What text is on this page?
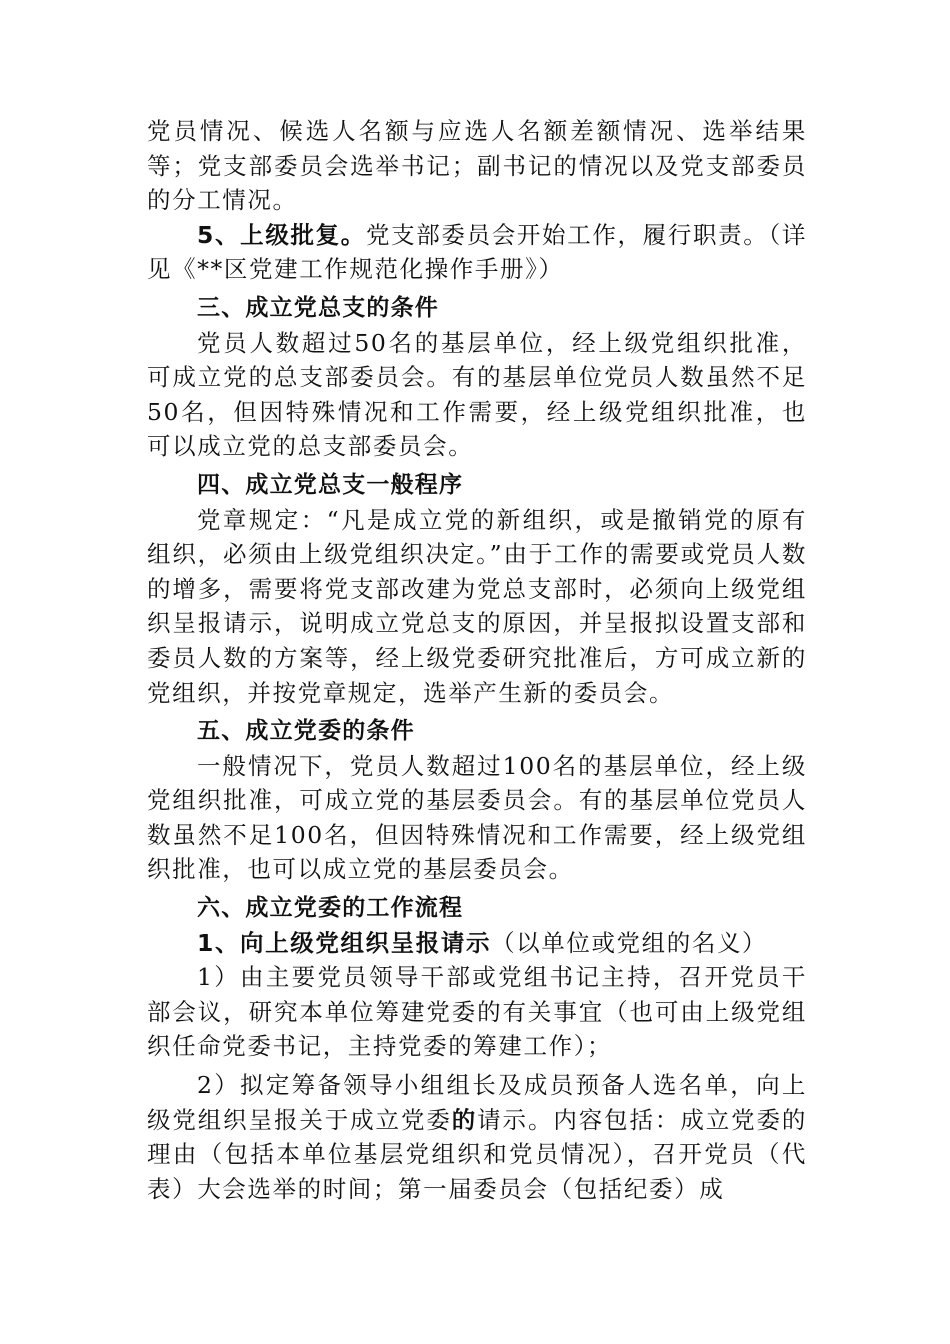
党员情况、候选人名额与应选人名额差额情况、选举结果等；党支部委员会选举书记；副书记的情况以及党支部委员的分工情况。

5、上级批复。党支部委员会开始工作，履行职责。（详见《**区党建工作规范化操作手册》）

三、成立党总支的条件

党员人数超过50名的基层单位，经上级党组织批准，可成立党的总支部委员会。有的基层单位党员人数虽然不足50名，但因特殊情况和工作需要，经上级党组织批准，也可以成立党的总支部委员会。

四、成立党总支一般程序

党章规定：“凡是成立党的新组织，或是撤销党的原有组织，必须由上级党组织决定。”由于工作的需要或党员人数的增多，需要将党支部改建为党总支部时，必须向上级党组织呈报请示，说明成立党总支的原因，并呈报拟设置支部和委员人数的方案等，经上级党委研究批准后，方可成立新的党组织，并按党章规定，选举产生新的委员会。

五、成立党委的条件

一般情况下，党员人数超过100名的基层单位，经上级党组织批准，可成立党的基层委员会。有的基层单位党员人数虽然不足100名，但因特殊情况和工作需要，经上级党组织批准，也可以成立党的基层委员会。

六、成立党委的工作流程

1、向上级党组织呈报请示（以单位或党组的名义）

1）由主要党员领导干部或党组书记主持，召开党员干部会议，研究本单位筹建党委的有关事宜（也可由上级党组织任命党委书记，主持党委的筹建工作）；

2）拟定筹备领导小组组长及成员预备人选名单，向上级党组织呈报关于成立党委的请示。内容包括：成立党委的理由（包括本单位基层党组织和党员情况），召开党员（代表）大会选举的时间；第一届委员会（包括纪委）成
